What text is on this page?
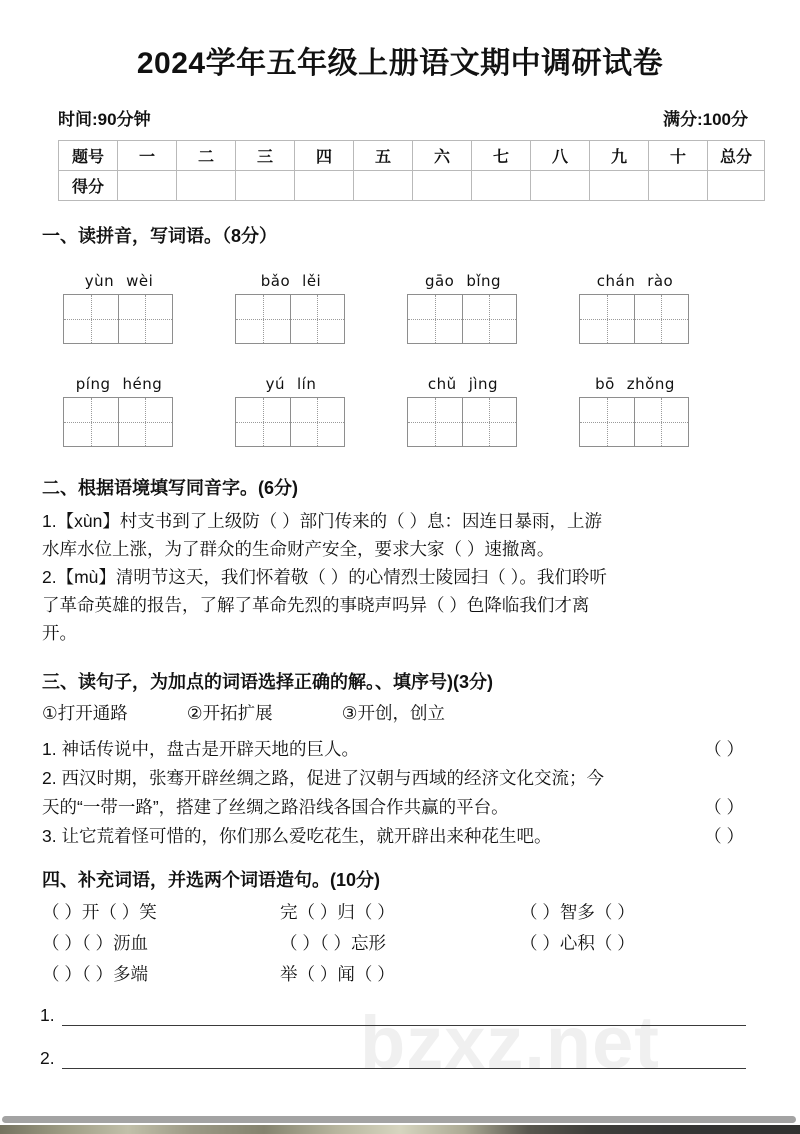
bzxz.net
2024学年五年级上册语文期中调研试卷
时间:90分钟	满分:100分
题号	一	二	三	四	五	六	七	八	九	十	总分
得分											
一、读拼音，写词语。（8分）
yùn wèi	bǎo lěi	gāo bǐng	chán rào
píng héng	yú lín	chǔ jìng	bō zhǒng
二、根据语境填写同音字。(6分)
1.【xùn】村支书到了上级防（ ）部门传来的（ ）息：因连日暴雨，上游
水库水位上涨，为了群众的生命财产安全，要求大家（ ）速撤离。
2.【mù】清明节这天，我们怀着敬（ ）的心情烈士陵园扫（ ）。我们聆听
了革命英雄的报告，了解了革命先烈的事晓声吗异（ ）色降临我们才离
开。
三、读句子，为加点的词语选择正确的解。、填序号)(3分)
①打开通路	②开拓扩展	③开创，创立
1. 神话传说中，盘古是开辟天地的巨人。	（ ）
2. 西汉时期，张骞开辟丝绸之路，促进了汉朝与西域的经济文化交流；今
天的“一带一路”，搭建了丝绸之路沿线各国合作共赢的平台。	（ ）
3. 让它荒着怪可惜的，你们那么爱吃花生，就开辟出来种花生吧。	（ ）
四、补充词语，并选两个词语造句。(10分)
（ ）开（ ）笑	完（ ）归（ ）	（ ）智多（ ）
（ ）（ ）沥血	（ ）（ ）忘形	（ ）心积（ ）
（ ）（ ）多端	举（ ）闻（ ）
1.
2.
